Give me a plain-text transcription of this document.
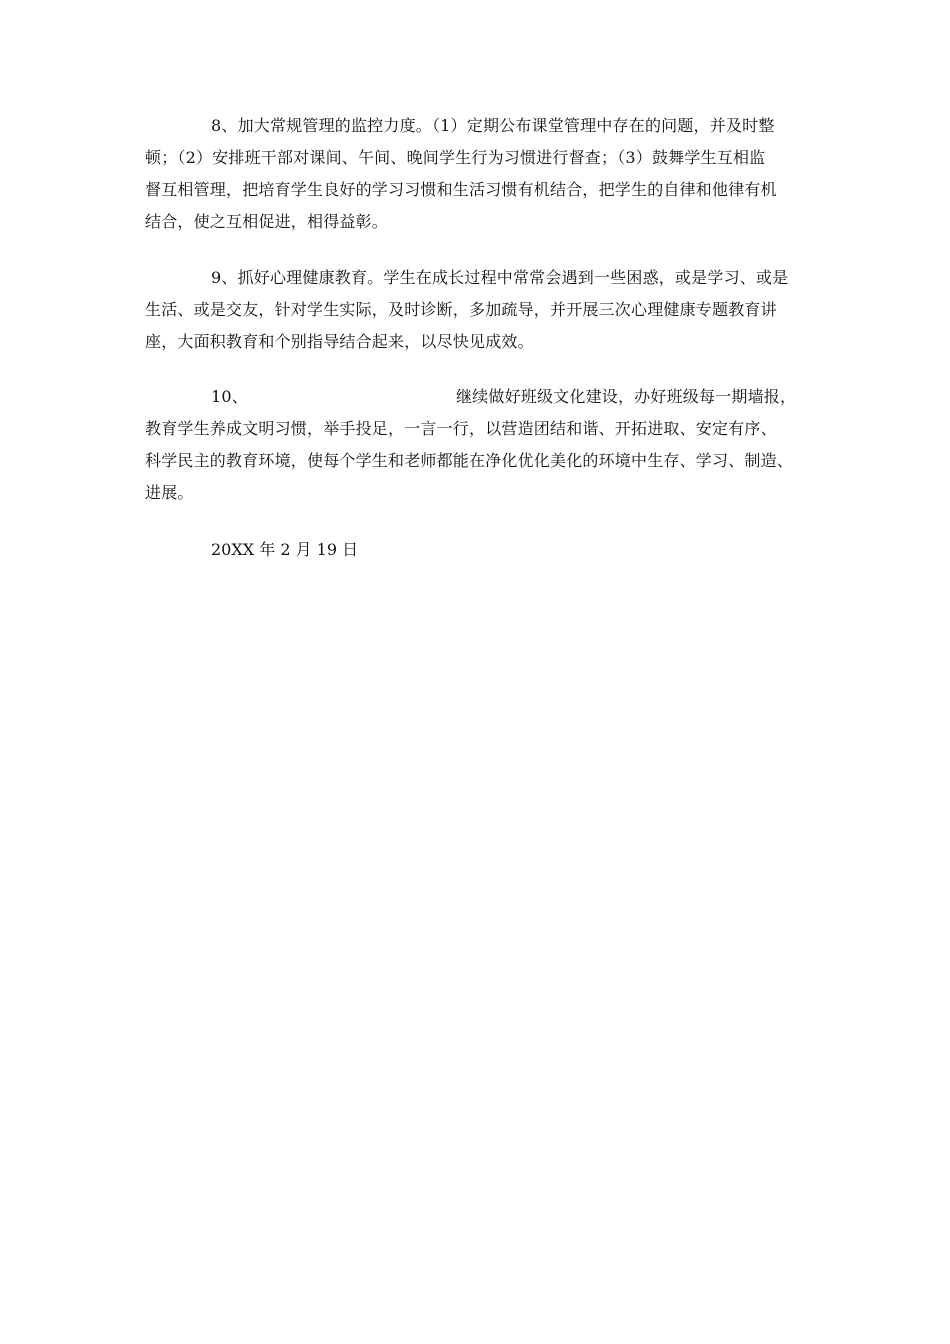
8、加大常规管理的监控力度。（1）定期公布课堂管理中存在的问题，并及时整
顿；（2）安排班干部对课间、午间、晚间学生行为习惯进行督查；（3）鼓舞学生互相监
督互相管理，把培育学生良好的学习习惯和生活习惯有机结合，把学生的自律和他律有机
结合，使之互相促进，相得益彰。
9、抓好心理健康教育。学生在成长过程中常常会遇到一些困惑，或是学习、或是
生活、或是交友，针对学生实际，及时诊断，多加疏导，并开展三次心理健康专题教育讲
座，大面积教育和个别指导结合起来，以尽快见成效。
10、	继续做好班级文化建设，办好班级每一期墙报，
教育学生养成文明习惯，举手投足，一言一行，以营造团结和谐、开拓进取、安定有序、
科学民主的教育环境，使每个学生和老师都能在净化优化美化的环境中生存、学习、制造、
进展。
20XX 年 2 月 19 日
